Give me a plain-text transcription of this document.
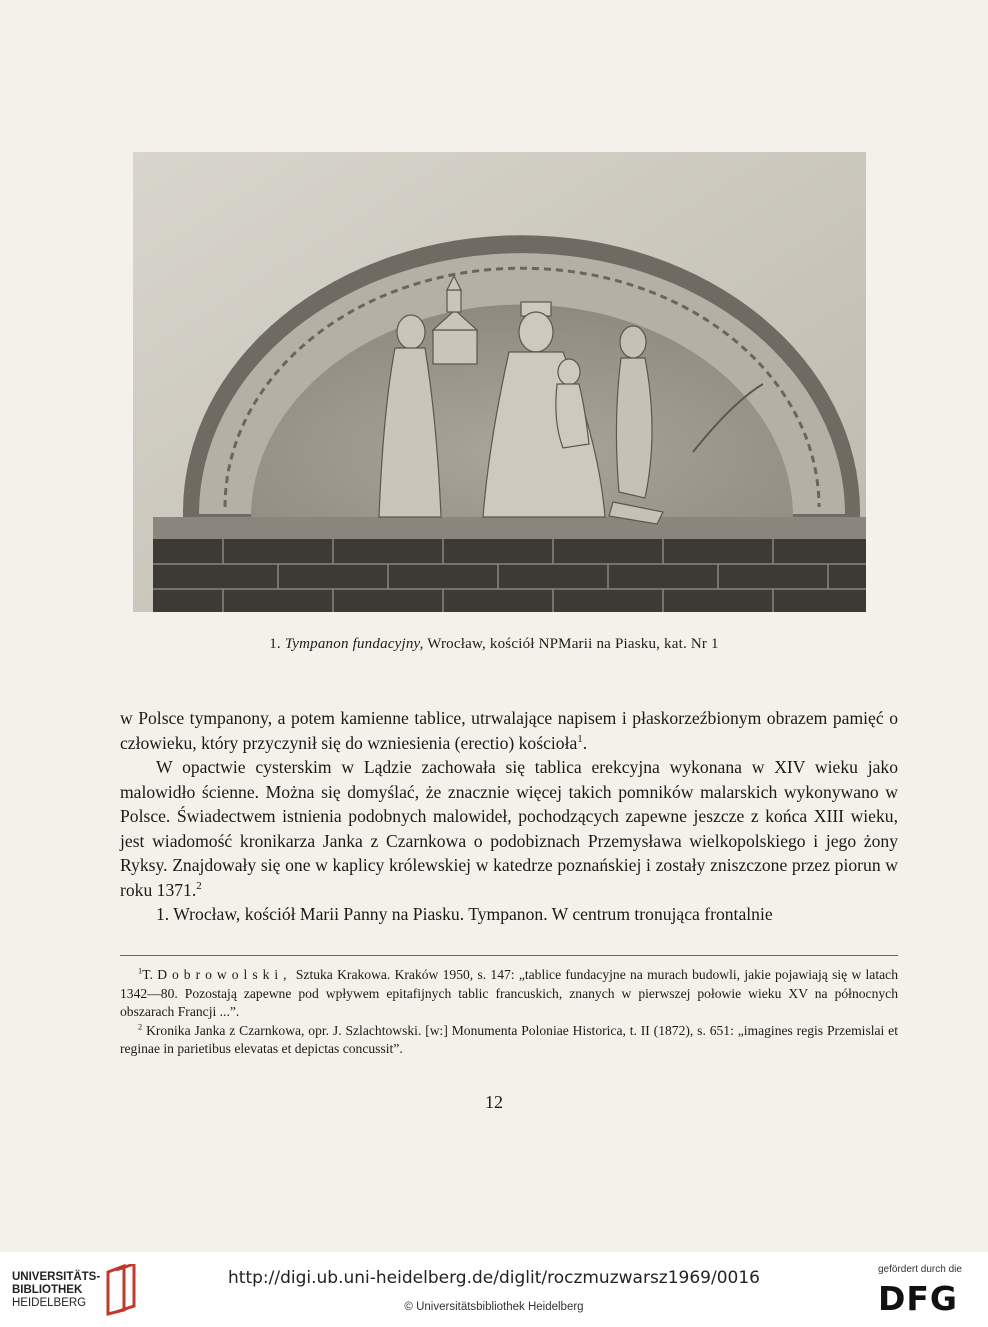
1. Tympanon fundacyjny, Wrocław, kościół NPMarii na Piasku, kat. Nr 1

w Polsce tympanony, a potem kamienne tablice, utrwalające napisem i płaskorzeźbionym obrazem pamięć o człowieku, który przyczynił się do wzniesienia (erectio) kościoła$^1$.

W opactwie cysterskim w Lądzie zachowała się tablica erekcyjna wykonana w XIV wieku jako malowidło ścienne. Można się domyślać, że znacznie więcej takich pomników malarskich wykonywano w Polsce. Świadectwem istnienia podobnych malowideł, pochodzących zapewne jeszcze z końca XIII wieku, jest wiadomość kronikarza Janka z Czarnkowa o podobiznach Przemysława wielkopolskiego i jego żony Ryksy. Znajdowały się one w kaplicy królewskiej w katedrze poznańskiej i zostały zniszczone przez piorun w roku 1371.$^2$

1. Wrocław, kościół Marii Panny na Piasku. Tympanon. W centrum tronująca frontalnie

$^1$T. Dobrowolski, Sztuka Krakowa. Kraków 1950, s. 147: „tablice fundacyjne na murach budowli, jakie pojawiają się w latach 1342—80. Pozostają zapewne pod wpływem epitafijnych tablic francuskich, znanych w pierwszej połowie wieku XV na północnych obszarach Francji ...”.

$^2$ Kronika Janka z Czarnkowa, opr. J. Szlachtowski. [w:] Monumenta Poloniae Historica, t. II (1872), s. 651: „imagines regis Przemislai et reginae in parietibus elevatas et depictas concussit”.

12
UNIVERSITÄTS-
BIBLIOTHEK
HEIDELBERG
http://digi.ub.uni-heidelberg.de/diglit/roczmuzwarsz1969/0016
© Universitätsbibliothek Heidelberg
gefördert durch die
DFG
